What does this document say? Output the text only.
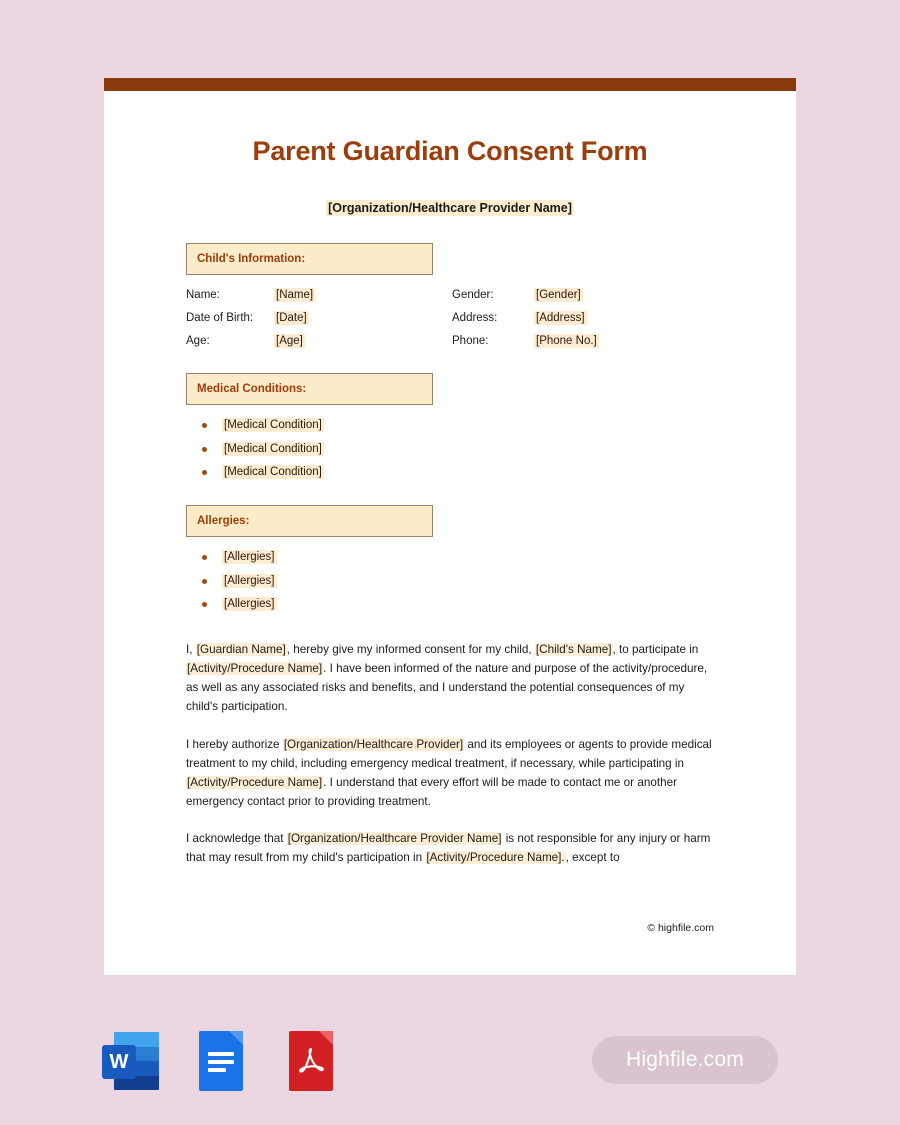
Parent Guardian Consent Form
[Organization/Healthcare Provider Name]
Child's Information:
Name:	[Name]	Gender:	[Gender]
Date of Birth:	[Date]	Address:	[Address]
Age:	[Age]	Phone:	[Phone No.]
Medical Conditions:
[Medical Condition]
[Medical Condition]
[Medical Condition]
Allergies:
[Allergies]
[Allergies]
[Allergies]

I, [Guardian Name], hereby give my informed consent for my child, [Child's Name], to participate in [Activity/Procedure Name]. I have been informed of the nature and purpose of the activity/procedure, as well as any associated risks and benefits, and I understand the potential consequences of my child's participation.

I hereby authorize [Organization/Healthcare Provider] and its employees or agents to provide medical treatment to my child, including emergency medical treatment, if necessary, while participating in [Activity/Procedure Name]. I understand that every effort will be made to contact me or another emergency contact prior to providing treatment.

I acknowledge that [Organization/Healthcare Provider Name] is not responsible for any injury or harm that may result from my child's participation in [Activity/Procedure Name]., except to

© highfile.com
W	Highfile.com
